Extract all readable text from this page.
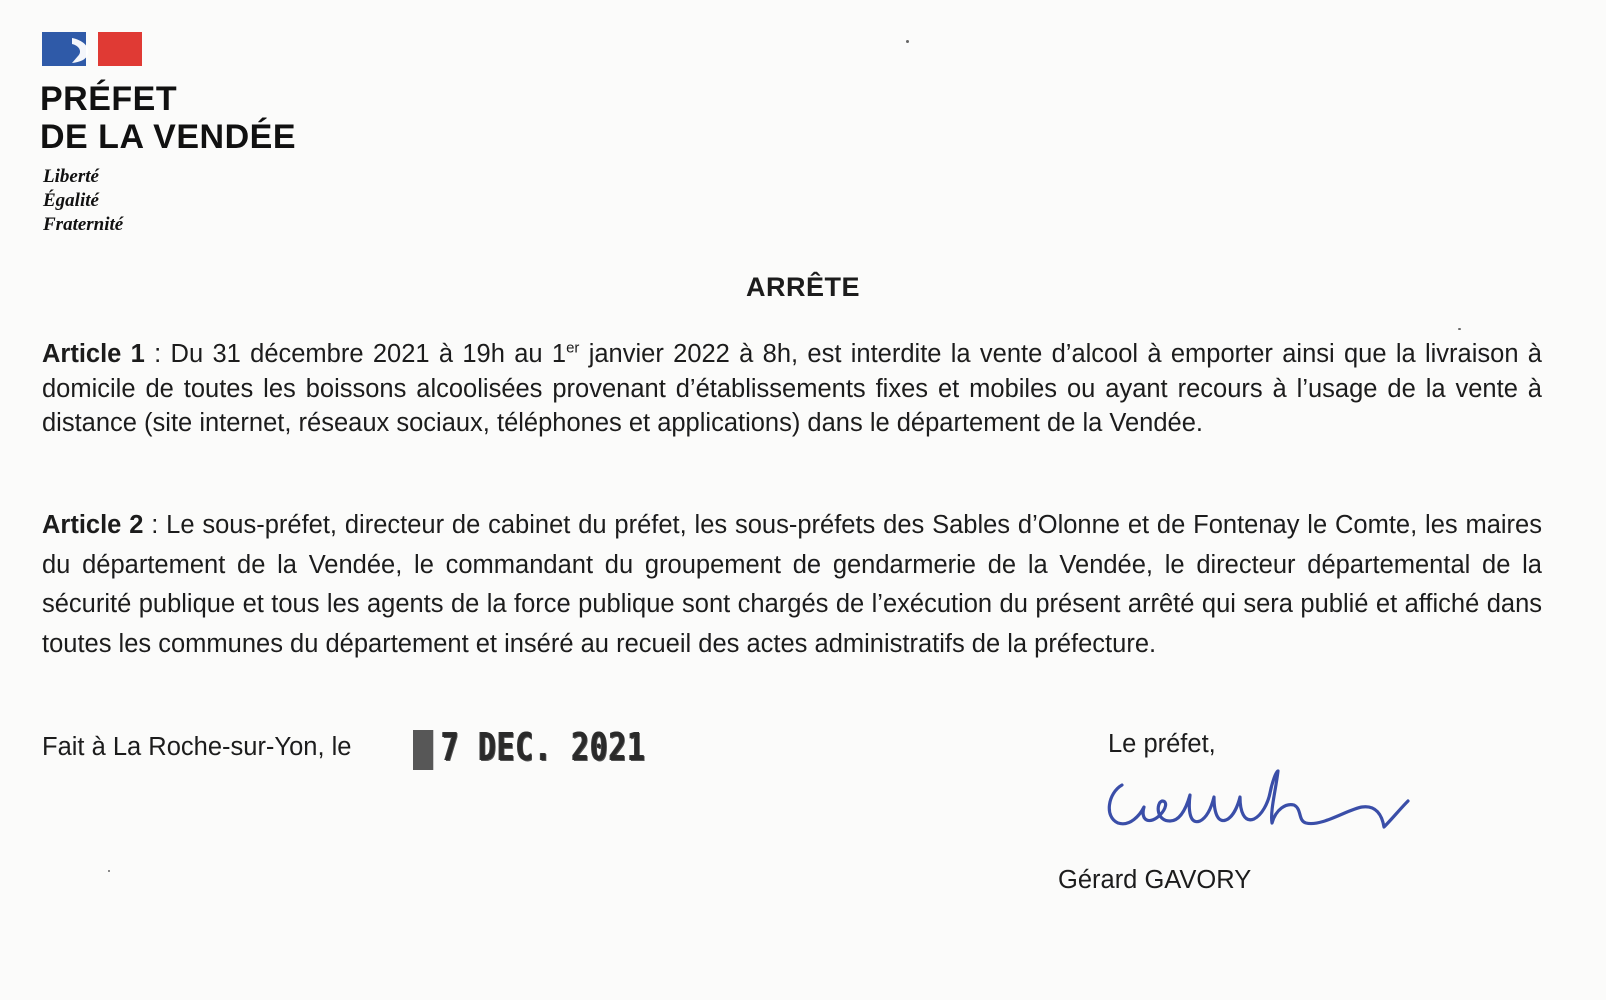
PRÉFET
DE LA VENDÉE
Liberté
Égalité
Fraternité
ARRÊTE
Article 1 : Du 31 décembre 2021 à 19h au 1er janvier 2022 à 8h, est interdite la vente d’alcool à emporter ainsi que la livraison à domicile de toutes les boissons alcoolisées provenant d’établissements fixes et mobiles ou ayant recours à l’usage de la vente à distance (site internet, réseaux sociaux, téléphones et applications) dans le département de la Vendée.
Article 2 : Le sous-préfet, directeur de cabinet du préfet, les sous-préfets des Sables d’Olonne et de Fontenay le Comte, les maires du département de la Vendée, le commandant du groupement de gendarmerie de la Vendée, le directeur départemental de la sécurité publique et tous les agents de la force publique sont chargés de l’exécution du présent arrêté qui sera publié et affiché dans toutes les communes du département et inséré au recueil des actes administratifs de la préfecture.
Fait à La Roche-sur-Yon, le	7 DEC. 2021	Le préfet,
Gérard GAVORY
